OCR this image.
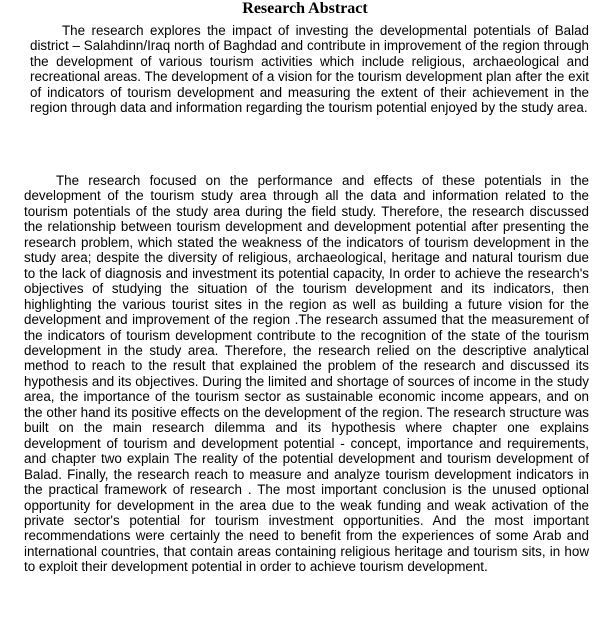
Research Abstract

The research explores the impact of investing the developmental potentials of Balad district – Salahdinn/Iraq north of Baghdad and contribute in improvement of the region through the development of various tourism activities which include religious, archaeological and recreational areas. The development of a vision for the tourism development plan after the exit of indicators of tourism development and measuring the extent of their achievement in the region through data and information regarding the tourism potential enjoyed by the study area.

The research focused on the performance and effects of these potentials in the development of the tourism study area through all the data and information related to the tourism potentials of the study area during the field study. Therefore, the research discussed the relationship between tourism development and development potential after presenting the research problem, which stated the weakness of the indicators of tourism development in the study area; despite the diversity of religious, archaeological, heritage and natural tourism due to the lack of diagnosis and investment its potential capacity, In order to achieve the research's objectives of studying the situation of the tourism development and its indicators, then highlighting the various tourist sites in the region as well as building a future vision for the development and improvement of the region .The research assumed that the measurement of the indicators of tourism development contribute to the recognition of the state of the tourism development in the study area. Therefore, the research relied on the descriptive analytical method to reach to the result that explained the problem of the research and discussed its hypothesis and its objectives. During the limited and shortage of sources of income in the study area, the importance of the tourism sector as sustainable economic income appears, and on the other hand its positive effects on the development of the region. The research structure was built on the main research dilemma and its hypothesis where chapter one explains development of tourism and development potential - concept, importance and requirements, and chapter two explain The reality of the potential development and tourism development of Balad. Finally, the research reach to measure and analyze tourism development indicators in the practical framework of research . The most important conclusion is the unused optional opportunity for development in the area due to the weak funding and weak activation of the private sector's potential for tourism investment opportunities. And the most important recommendations were certainly the need to benefit from the experiences of some Arab and international countries, that contain areas containing religious heritage and tourism sits, in how to exploit their development potential in order to achieve tourism development.
